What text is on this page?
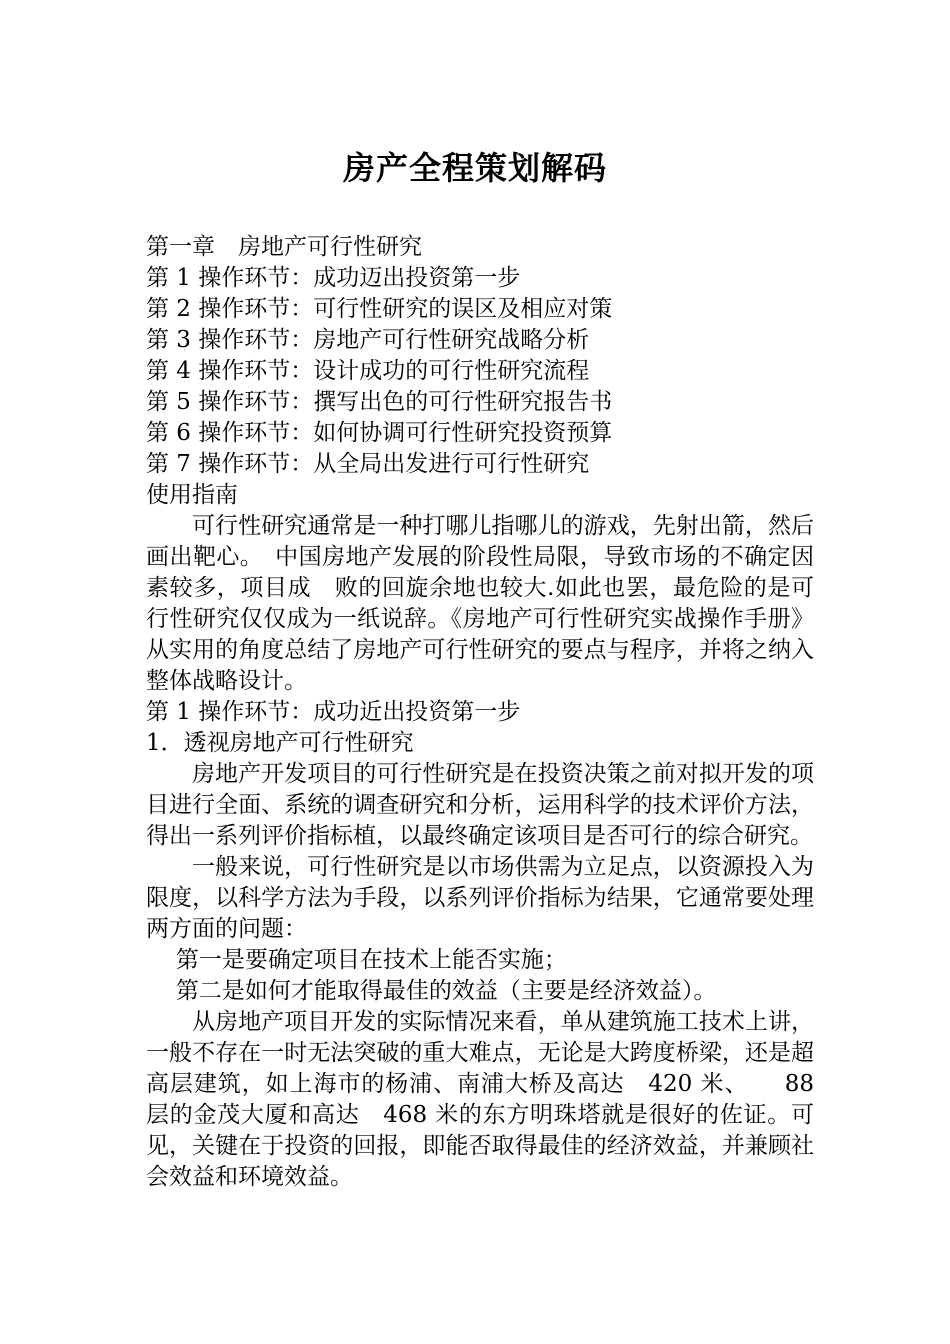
房产全程策划解码
第一章　房地产可行性研究
第 1 操作环节：成功迈出投资第一步
第 2 操作环节：可行性研究的误区及相应对策
第 3 操作环节：房地产可行性研究战略分析
第 4 操作环节：设计成功的可行性研究流程
第 5 操作环节：撰写出色的可行性研究报告书
第 6 操作环节：如何协调可行性研究投资预算
第 7 操作环节：从全局出发进行可行性研究
使用指南
可行性研究通常是一种打哪儿指哪儿的游戏，先射出箭，然后画出靶心。　中国房地产发展的阶段性局限，导致市场的不确定因素较多，项目成　败的回旋余地也较大.如此也罢，最危险的是可行性研究仅仅成为一纸说辞。《房地产可行性研究实战操作手册》从实用的角度总结了房地产可行性研究的要点与程序，并将之纳入整体战略设计。
第 1 操作环节：成功近出投资第一步
1．透视房地产可行性研究
房地产开发项目的可行性研究是在投资决策之前对拟开发的项目进行全面、系统的调查研究和分析，运用科学的技术评价方法，得出一系列评价指标植，以最终确定该项目是否可行的综合研究。
一般来说，可行性研究是以市场供需为立足点，以资源投入为限度，以科学方法为手段，以系列评价指标为结果，它通常要处理两方面的问题：
第一是要确定项目在技术上能否实施；
第二是如何才能取得最佳的效益（主要是经济效益）。
从房地产项目开发的实际情况来看，单从建筑施工技术上讲，一般不存在一时无法突破的重大难点，无论是大跨度桥梁，还是超高层建筑，如上海市的杨浦、南浦大桥及高达　420 米、　　88 层的金茂大厦和高达　468 米的东方明珠塔就是很好的佐证。可见，关键在于投资的回报，即能否取得最佳的经济效益，并兼顾社会效益和环境效益。
